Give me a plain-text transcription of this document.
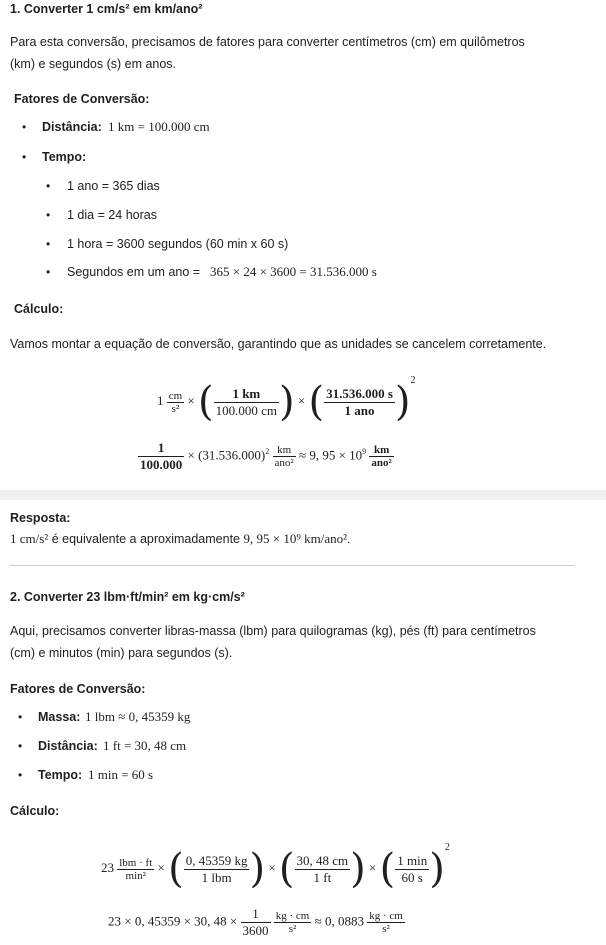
1. Converter 1 cm/s² em km/ano²
Para esta conversão, precisamos de fatores para converter centímetros (cm) em quilômetros
(km) e segundos (s) em anos.
Fatores de Conversão:
• Distância: 1 km = 100.000 cm
• Tempo:
• 1 ano = 365 dias
• 1 dia = 24 horas
• 1 hora = 3600 segundos (60 min x 60 s)
• Segundos em um ano = 365 × 24 × 3600 = 31.536.000 s
Cálculo:
Vamos montar a equação de conversão, garantindo que as unidades se cancelem corretamente.
$1 \frac{cm}{\text{s²}}$ × ( $\frac{1 km}{100.000 cm}$ ) × ( $\frac{31.536.000 s}{\text{1 ano}} )^2$
$\frac{1}{100.000} \times (31.536.000)^2 \frac{km}{\text{ano²}} \approx 9$, $95 \times 10^9 \frac{km}{\text{ano²}}$
Resposta:
1 cm/s² é equivalente a aproximadamente 9, 95 × 10⁹ km/ano².
2. Converter 23 lbm·ft/min² em kg·cm/s²
Aqui, precisamos converter libras-massa (lbm) para quilogramas (kg), pés (ft) para centímetros
(cm) e minutos (min) para segundos (s).
Fatores de Conversão:
• Massa: 1 lbm ≈ 0, 45359 kg
• Distância: 1 ft = 30, 48 cm
• Tempo: 1 min = 60 s
Cálculo:
$23 \frac{\text{lbm · ft}}{\text{min²}}$ × ( $\frac{0, 45359 kg}{\text{1 lbm}}$ ) × ( $\frac{30, 48 cm}{1 ft}$ ) × ( $\frac{1 \min}{60 s} )^2$
23 × 0, 45359 × 30, $48 \times \frac{1}{3600}$
$\frac{kg \cdot cm}{\text{s²}} \approx 0$, $0883 \frac{kg \cdot cm}{\text{s²}}$
